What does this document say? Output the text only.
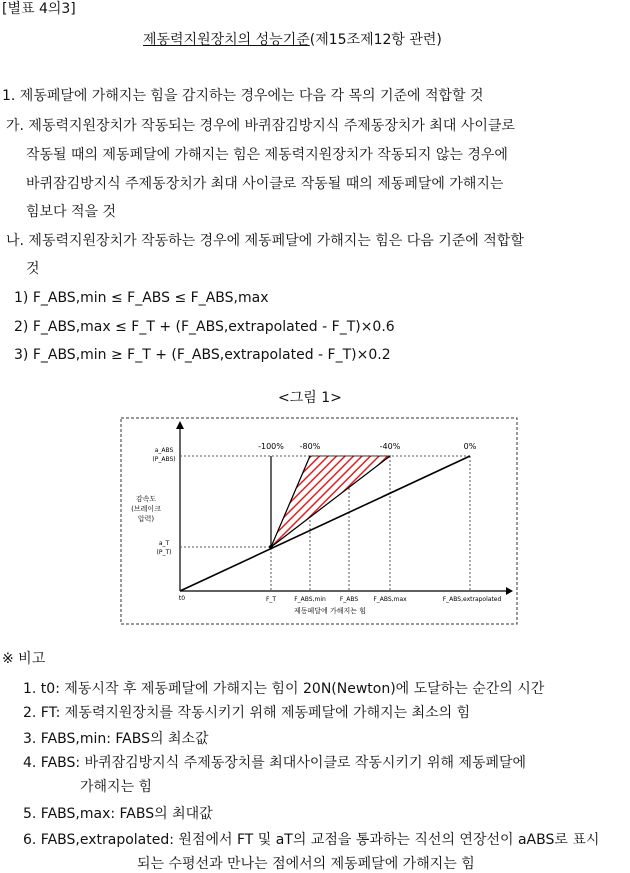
[별표 4의3]
제동력지원장치의 성능기준(제15조제12항 관련)
1. 제동페달에 가해지는 힘을 감지하는 경우에는 다음 각 목의 기준에 적합할 것
가. 제동력지원장치가 작동되는 경우에 바퀴잠김방지식 주제동장치가 최대 사이클로
작동될 때의 제동페달에 가해지는 힘은 제동력지원장치가 작동되지 않는 경우에
바퀴잠김방지식 주제동장치가 최대 사이클로 작동될 때의 제동페달에 가해지는
힘보다 적을 것
나. 제동력지원장치가 작동하는 경우에 제동페달에 가해지는 힘은 다음 기준에 적합할
것
1) F_ABS,min ≤ F_ABS ≤ F_ABS,max
2) F_ABS,max ≤ F_T + (F_ABS,extrapolated - F_T)×0.6
3) F_ABS,min ≥ F_T + (F_ABS,extrapolated - F_T)×0.2
<그림 1>
-100% -80%	-40%	0%
a_ABS
(P_ABS)
감속도
(브레이크
압력)
a_T
(P_T)
t0	F_T	F_ABS,min F_ABS	F_ABS,max	F_ABS,extrapolated
제동페달에 가해지는 힘
※ 비고
1. t0: 제동시작 후 제동페달에 가해지는 힘이 20N(Newton)에 도달하는 순간의 시간
2. FT: 제동력지원장치를 작동시키기 위해 제동페달에 가해지는 최소의 힘
3. FABS,min: FABS의 최소값
4. FABS: 바퀴잠김방지식 주제동장치를 최대사이클로 작동시키기 위해 제동페달에
가해지는 힘
5. FABS,max: FABS의 최대값
6. FABS,extrapolated: 원점에서 FT 및 aT의 교점을 통과하는 직선의 연장선이 aABS로 표시
되는 수평선과 만나는 점에서의 제동페달에 가해지는 힘
